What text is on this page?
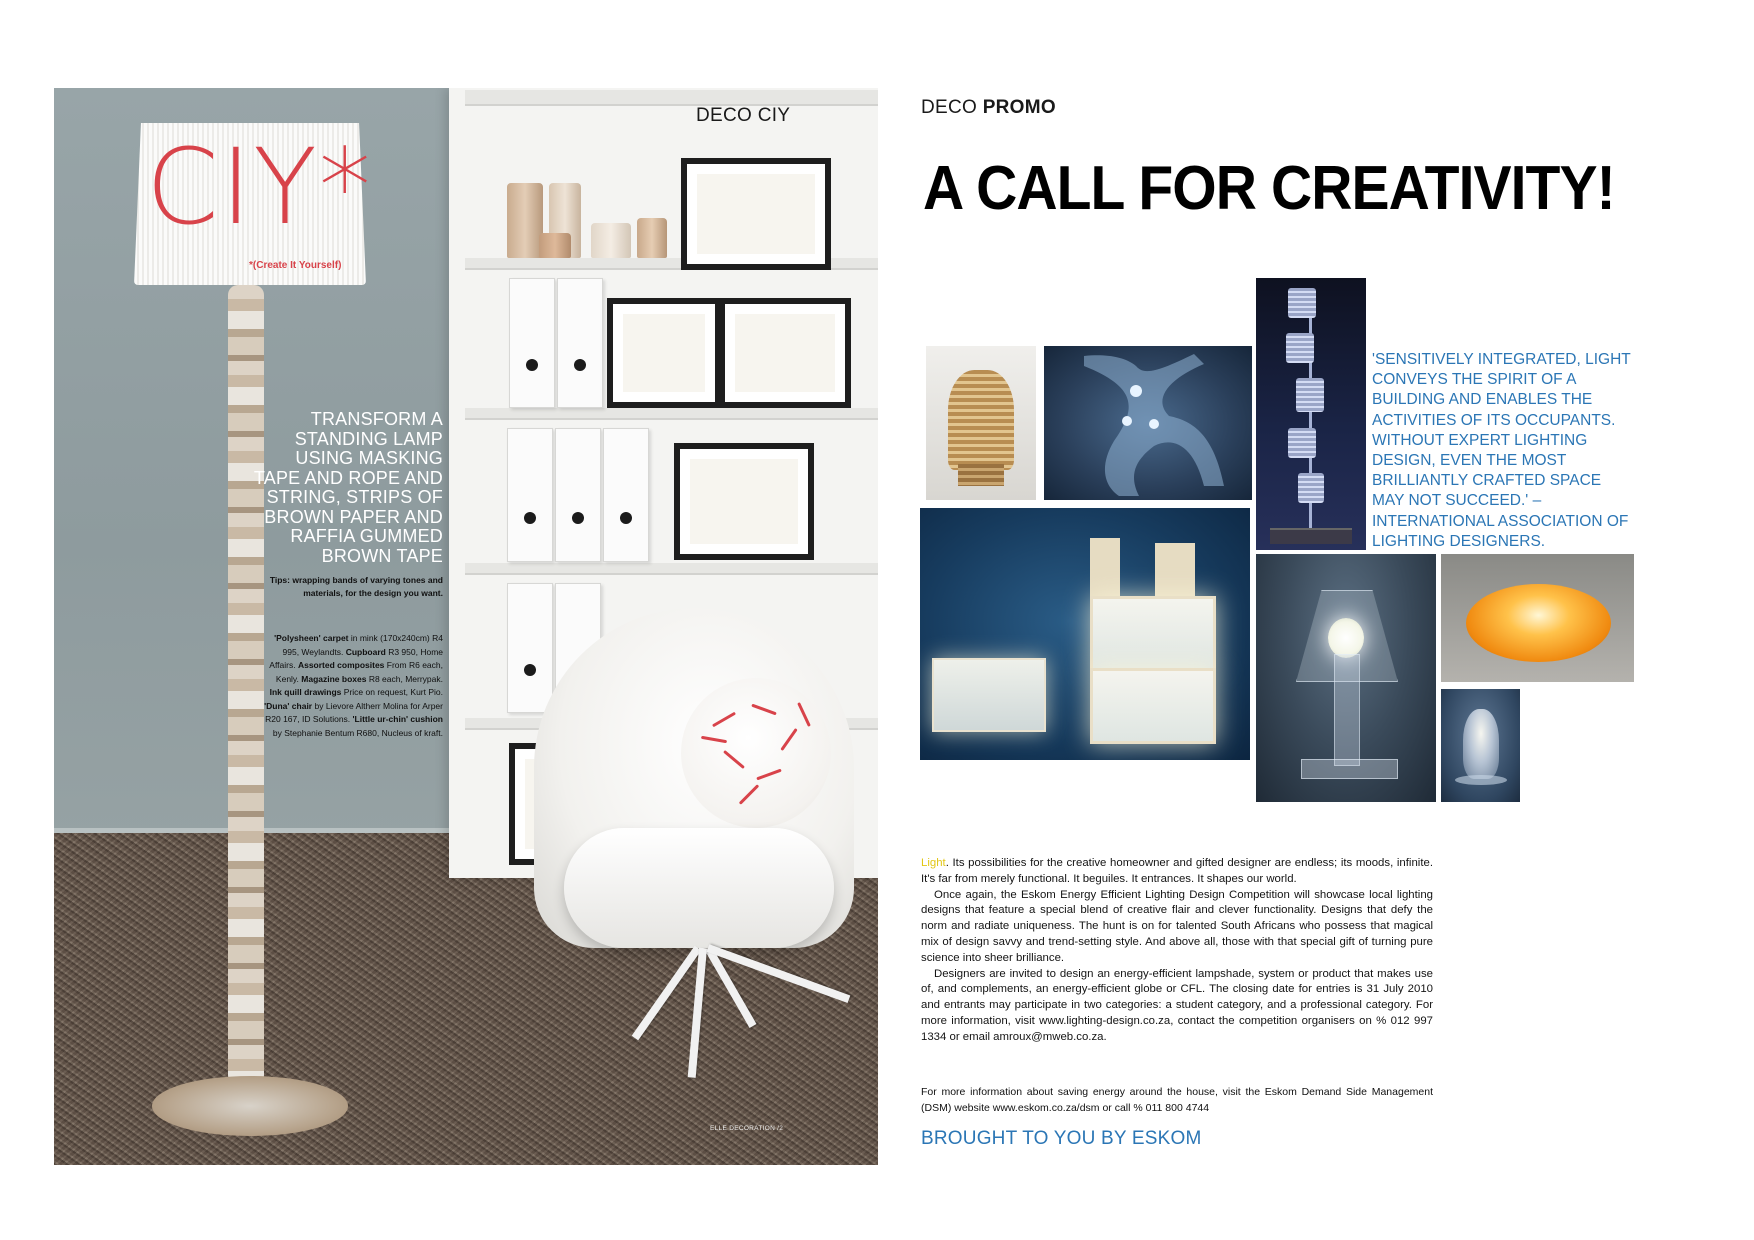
DECO CIY
CIY*
*(Create It Yourself)
TRANSFORM A STANDING LAMP USING MASKING TAPE AND ROPE AND STRING, STRIPS OF BROWN PAPER AND RAFFIA GUMMED BROWN TAPE
Tips: wrapping bands of varying tones and materials, for the design you want.
'Polysheen' carpet in mink (170x240cm) R4 995, Weylandts. Cupboard R3 950, Home Affairs. Assorted composites From R6 each, Kenly. Magazine boxes R8 each, Merrypak. Ink quill drawings Price on request, Kurt Pio. 'Duna' chair by Lievore Altherr Molina for Arper R20 167, ID Solutions. 'Little ur-chin' cushion by Stephanie Bentum R680, Nucleus of kraft.
ELLE DECORATION /2
DECO PROMO
A CALL FOR CREATIVITY!
'SENSITIVELY INTEGRATED, LIGHT CONVEYS THE SPIRIT OF A BUILDING AND ENABLES THE ACTIVITIES OF ITS OCCUPANTS. WITHOUT EXPERT LIGHTING DESIGN, EVEN THE MOST BRILLIANTLY CRAFTED SPACE MAY NOT SUCCEED.' – INTERNATIONAL ASSOCIATION OF LIGHTING DESIGNERS.

Light. Its possibilities for the creative homeowner and gifted designer are endless; its moods, infinite. It's far from merely functional. It beguiles. It entrances. It shapes our world.

Once again, the Eskom Energy Efficient Lighting Design Competition will showcase local lighting designs that feature a special blend of creative flair and clever functionality. Designs that defy the norm and radiate uniqueness. The hunt is on for talented South Africans who possess that magical mix of design savvy and trend-setting style. And above all, those with that special gift of turning pure science into sheer brilliance.

Designers are invited to design an energy-efficient lampshade, system or product that makes use of, and complements, an energy-efficient globe or CFL. The closing date for entries is 31 July 2010 and entrants may participate in two categories: a student category, and a professional category. For more information, visit www.lighting-design.co.za, contact the competition organisers on % 012 997 1334 or email amroux@mweb.co.za.

For more information about saving energy around the house, visit the Eskom Demand Side Management (DSM) website www.eskom.co.za/dsm or call % 011 800 4744
BROUGHT TO YOU BY ESKOM
